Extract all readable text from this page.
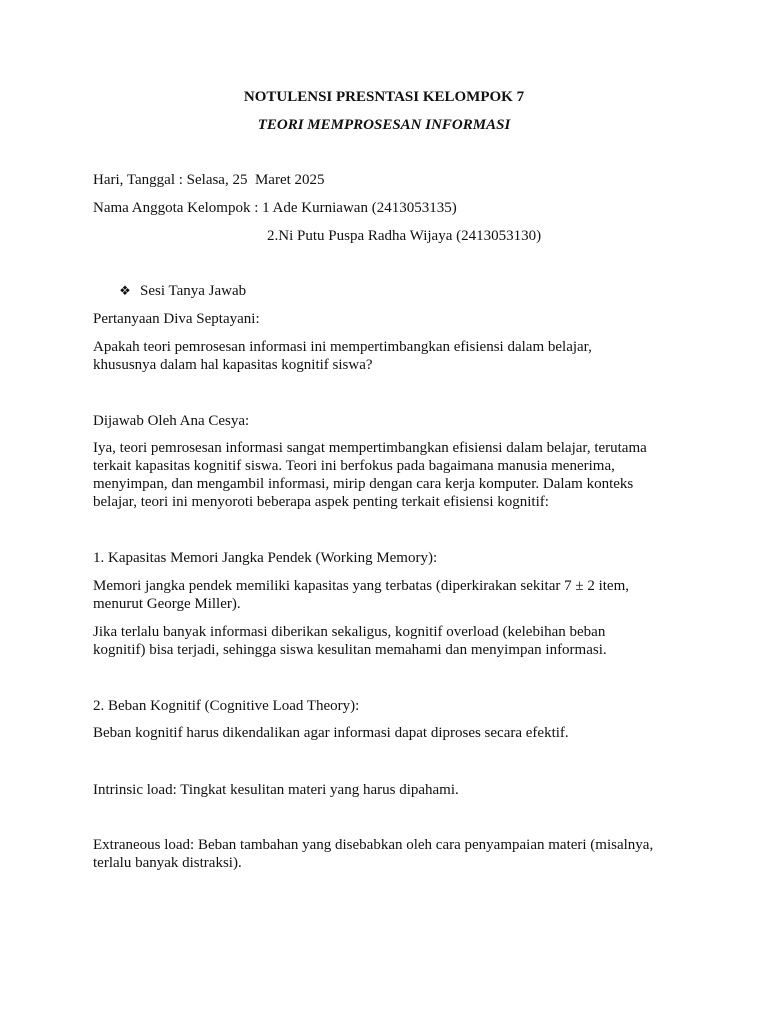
NOTULENSI PRESNTASI KELOMPOK 7
TEORI MEMPROSESAN INFORMASI
Hari, Tanggal : Selasa, 25  Maret 2025
Nama Anggota Kelompok : 1 Ade Kurniawan (2413053135)
2.Ni Putu Puspa Radha Wijaya (2413053130)
❖ Sesi Tanya Jawab
Pertanyaan Diva Septayani:
Apakah teori pemrosesan informasi ini mempertimbangkan efisiensi dalam belajar,
khususnya dalam hal kapasitas kognitif siswa?
Dijawab Oleh Ana Cesya:
Iya, teori pemrosesan informasi sangat mempertimbangkan efisiensi dalam belajar, terutama
terkait kapasitas kognitif siswa. Teori ini berfokus pada bagaimana manusia menerima,
menyimpan, dan mengambil informasi, mirip dengan cara kerja komputer. Dalam konteks
belajar, teori ini menyoroti beberapa aspek penting terkait efisiensi kognitif:
1. Kapasitas Memori Jangka Pendek (Working Memory):
Memori jangka pendek memiliki kapasitas yang terbatas (diperkirakan sekitar 7 ± 2 item,
menurut George Miller).
Jika terlalu banyak informasi diberikan sekaligus, kognitif overload (kelebihan beban
kognitif) bisa terjadi, sehingga siswa kesulitan memahami dan menyimpan informasi.
2. Beban Kognitif (Cognitive Load Theory):
Beban kognitif harus dikendalikan agar informasi dapat diproses secara efektif.
Intrinsic load: Tingkat kesulitan materi yang harus dipahami.
Extraneous load: Beban tambahan yang disebabkan oleh cara penyampaian materi (misalnya,
terlalu banyak distraksi).
